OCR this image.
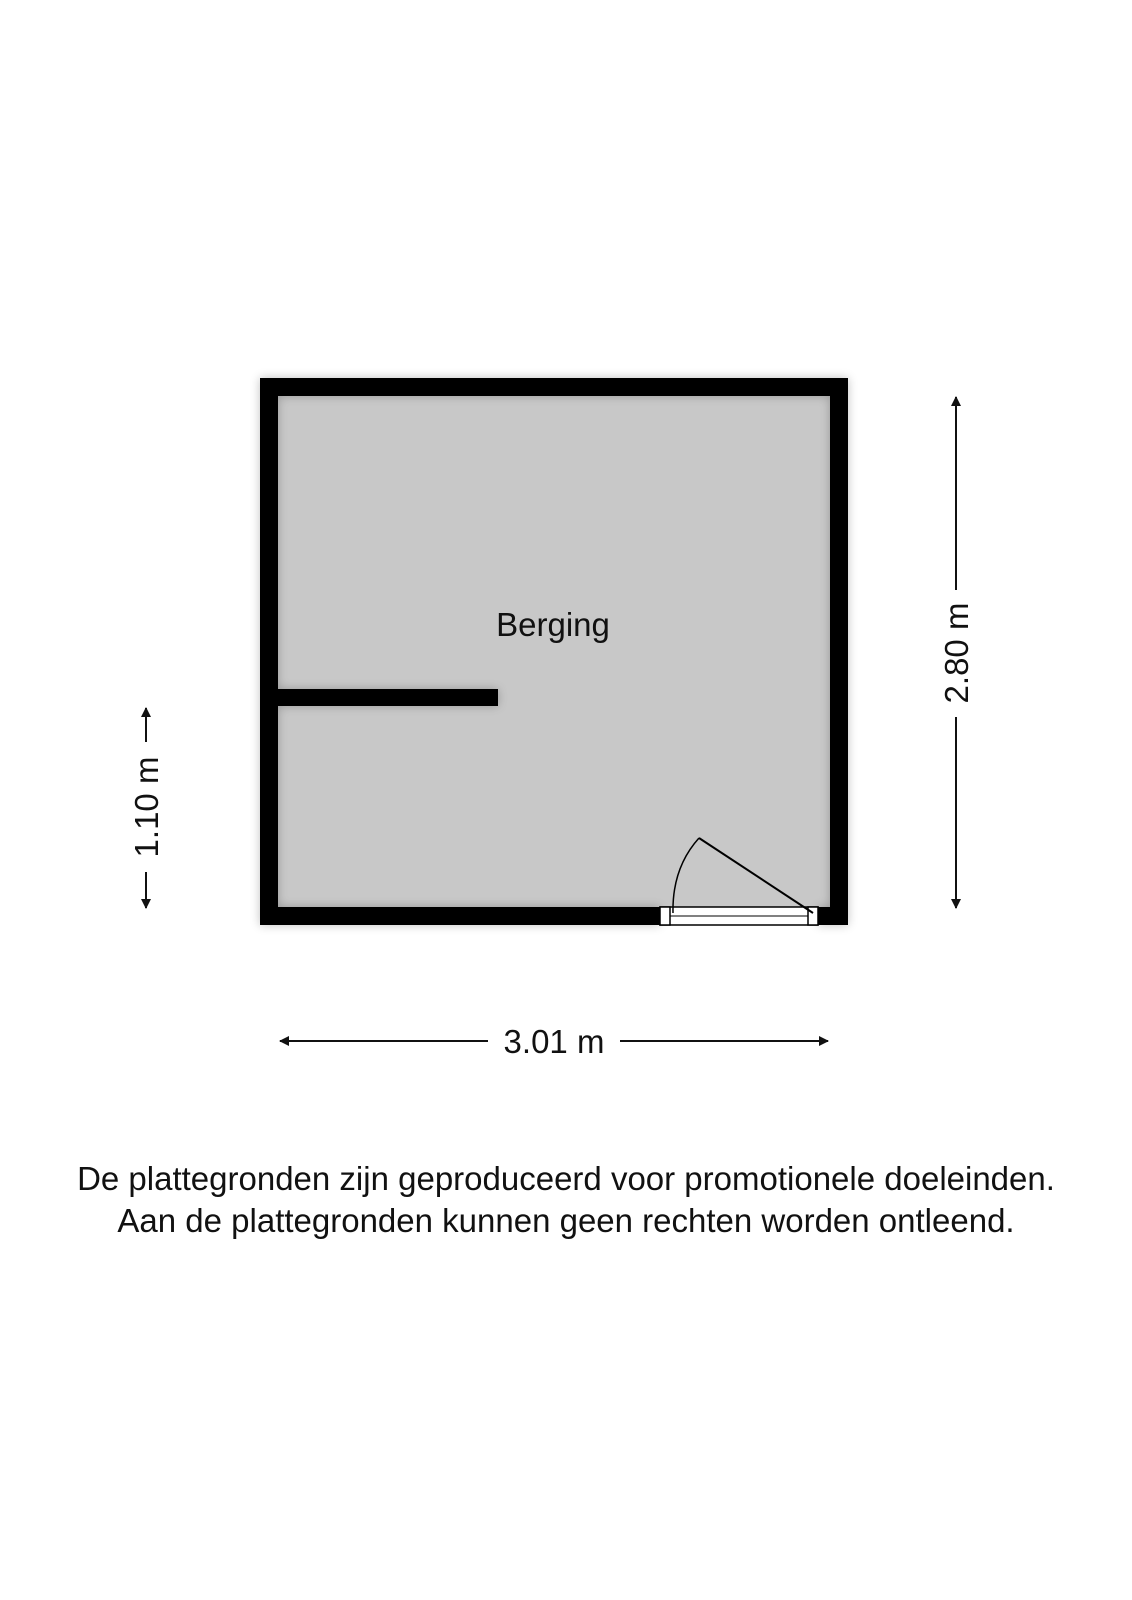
Berging
3.01 m
2.80 m
1.10 m
De plattegronden zijn geproduceerd voor promotionele doeleinden.
Aan de plattegronden kunnen geen rechten worden ontleend.
